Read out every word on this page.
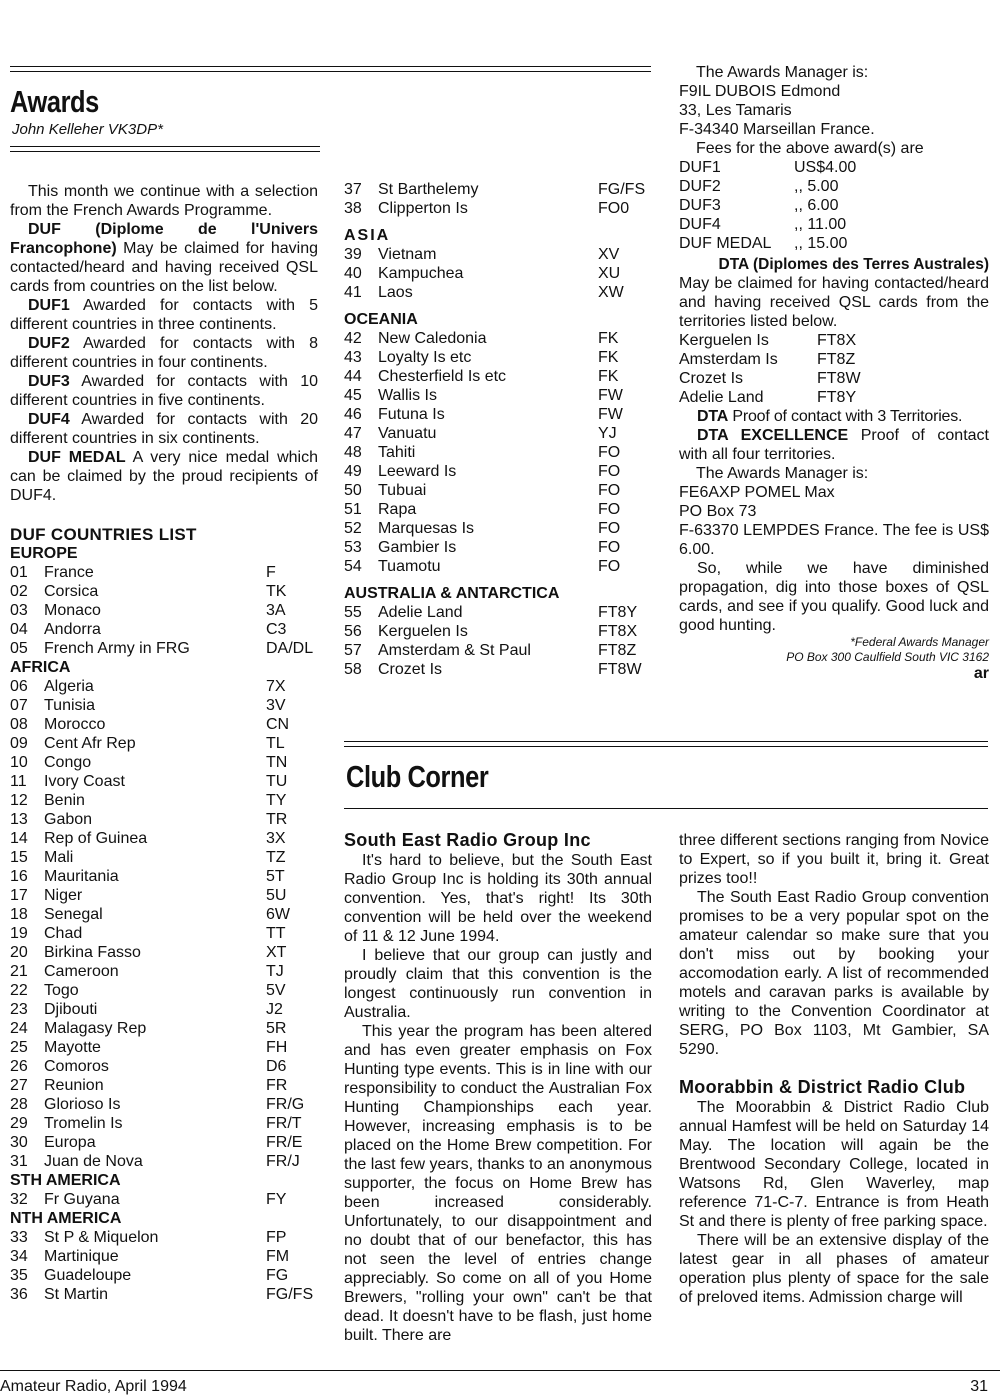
Awards
John Kelleher VK3DP*

This month we continue with a selection from the French Awards Programme.

DUF (Diplome de l'Univers Francophone) May be claimed for having contacted/heard and having received QSL cards from countries on the list below.

DUF1 Awarded for contacts with 5 different countries in three continents.

DUF2 Awarded for contacts with 8 different countries in four continents.

DUF3 Awarded for contacts with 10 different countries in five continents.

DUF4 Awarded for contacts with 20 different countries in six continents.

DUF MEDAL A very nice medal which can be claimed by the proud recipients of DUF4.

DUF COUNTRIES LIST
EUROPE
01	France	F
02	Corsica	TK
03	Monaco	3A
04	Andorra	C3
05	French Army in FRG	DA/DL
AFRICA
06	Algeria	7X
07	Tunisia	3V
08	Morocco	CN
09	Cent Afr Rep	TL
10	Congo	TN
11	Ivory Coast	TU
12	Benin	TY
13	Gabon	TR
14	Rep of Guinea	3X
15	Mali	TZ
16	Mauritania	5T
17	Niger	5U
18	Senegal	6W
19	Chad	TT
20	Birkina Fasso	XT
21	Cameroon	TJ
22	Togo	5V
23	Djibouti	J2
24	Malagasy Rep	5R
25	Mayotte	FH
26	Comoros	D6
27	Reunion	FR
28	Glorioso Is	FR/G
29	Tromelin Is	FR/T
30	Europa	FR/E
31	Juan de Nova	FR/J
STH AMERICA
32	Fr Guyana	FY
NTH AMERICA
33	St P & Miquelon	FP
34	Martinique	FM
35	Guadeloupe	FG
36	St Martin	FG/FS
37	St Barthelemy	FG/FS
38	Clipperton Is	FO0
ASIA
39	Vietnam	XV
40	Kampuchea	XU
41	Laos	XW
OCEANIA
42	New Caledonia	FK
43	Loyalty Is etc	FK
44	Chesterfield Is etc	FK
45	Wallis Is	FW
46	Futuna Is	FW
47	Vanuatu	YJ
48	Tahiti	FO
49	Leeward Is	FO
50	Tubuai	FO
51	Rapa	FO
52	Marquesas Is	FO
53	Gambier Is	FO
54	Tuamotu	FO
AUSTRALIA & ANTARCTICA
55	Adelie Land	FT8Y
56	Kerguelen Is	FT8X
57	Amsterdam & St Paul	FT8Z
58	Crozet Is	FT8W
The Awards Manager is:
F9IL DUBOIS Edmond
33, Les Tamaris
F-34340 Marseillan France.
Fees for the above award(s) are
DUF1	US$4.00
DUF2	,, 5.00
DUF3	,, 6.00
DUF4	,, 11.00
DUF MEDAL ,, 15.00
DTA (Diplomes des Terres Australes)

May be claimed for having contacted/heard and having received QSL cards from the territories listed below.

Kerguelen Is	FT8X
Amsterdam Is FT8Z
Crozet Is	FT8W
Adelie Land	FT8Y

DTA Proof of contact with 3 Territories.

DTA EXCELLENCE Proof of contact with all four territories.

The Awards Manager is:
FE6AXP POMEL Max
PO Box 73
F-63370 LEMPDES France. The fee is US$ 6.00.

So, while we have diminished propagation, dig into those boxes of QSL cards, and see if you qualify. Good luck and good hunting.

*Federal Awards Manager
PO Box 300 Caulfield South VIC 3162
ar
Club Corner
South East Radio Group Inc

It's hard to believe, but the South East Radio Group Inc is holding its 30th annual convention. Yes, that's right! Its 30th convention will be held over the weekend of 11 & 12 June 1994.

I believe that our group can justly and proudly claim that this convention is the longest continuously run convention in Australia.

This year the program has been altered and has even greater emphasis on Fox Hunting type events. This is in line with our responsibility to conduct the Australian Fox Hunting Championships each year. However, increasing emphasis is to be placed on the Home Brew competition. For the last few years, thanks to an anonymous supporter, the focus on Home Brew has been increased considerably. Unfortunately, to our disappointment and no doubt that of our benefactor, this has not seen the level of entries change appreciably. So come on all of you Home Brewers, "rolling your own" can't be that dead. It doesn't have to be flash, just home built. There are

three different sections ranging from Novice to Expert, so if you built it, bring it. Great prizes too!!

The South East Radio Group convention promises to be a very popular spot on the amateur calendar so make sure that you don't miss out by booking your accomodation early. A list of recommended motels and caravan parks is available by writing to the Convention Coordinator at SERG, PO Box 1103, Mt Gambier, SA 5290.

Moorabbin & District Radio Club

The Moorabbin & District Radio Club annual Hamfest will be held on Saturday 14 May. The location will again be the Brentwood Secondary College, located in Watsons Rd, Glen Waverley, map reference 71-C-7. Entrance is from Heath St and there is plenty of free parking space.

There will be an extensive display of the latest gear in all phases of amateur operation plus plenty of space for the sale of preloved items. Admission charge will

Amateur Radio, April 1994	31
